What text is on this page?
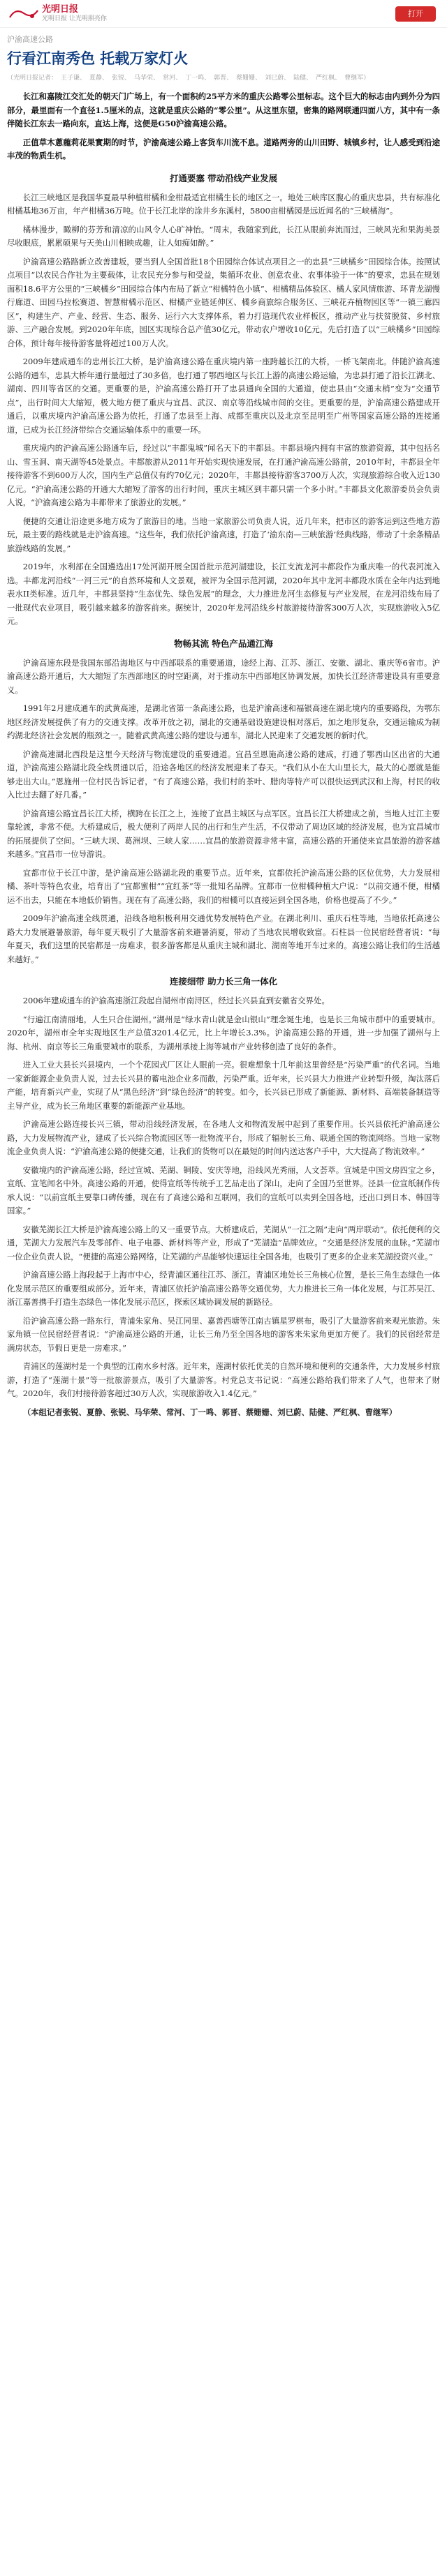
光明日报
光明日报 让光明照亮你
打开
沪渝高速公路
行看江南秀色 托载万家灯火
（光明日报记者： 王子谦、 夏静、 张锐、 马华荣、 常河、 丁一鸣、 郭晋、 蔡姗姗、 刘巳蔚、 陆健、 严红枫、 曹继军）

长江和嘉陵江交汇处的朝天门广场上，有一个面积约25平方米的重庆公路零公里标志。这个巨大的标志由内到外分为四部分，最里面有一个直径1.5厘米的点，这就是重庆公路的“零公里”。从这里东望，密集的路网联通四面八方，其中有一条伴随长江东去一路向东，直达上海，这便是G50沪渝高速公路。

正值草木蔥蘢莉花果實期的时节，沪渝高速公路上客货车川流不息。道路两旁的山川田野、城镇乡村，让人感受到沿途丰茂的物质生机。

打通要塞 带动沿线产业发展

长江三峡地区是我国华夏最早种植柑橘和金柑最适宜柑橘生长的地区之一。地处三峡库区腹心的重庆忠县，共有标准化柑橘基地36万亩，年产柑橘36万吨。位于长江北岸的涂井乡东溪村，5800亩柑橘园是远近闻名的“三峡橘海”。

橘林漫步，瞰柳的芬芳和清凉的山风令人心旷神怡。“周末，我随家到此，长江从眼前奔流而过，三峡风光和果海美景尽收眼底，累累硕果与天美山川相映成趣，让人如痴如醉。”

沪渝高速公路路新立改善建坂，要当到人全国首批18个田园综合体试点项目之一的忠县“三峡橘乡”田园综合体。按照试点项目“以农民合作社为主要载体，让农民充分参与和受益，集循环农业、创意农业、农事体验于一体”的要求，忠县在规划面积18.6平方公里的“三峡橘乡”田园综合体内布局了新立“柑橘特色小镇”、柑橘精品体验区、橘人家风情旅游、环青龙湖慢行廊道、田园马拉松赛道、智慧柑橘示范区、柑橘产业链延伸区、橘乡商旅综合服务区、三峡花卉植物园区等“一镇三廊四区”，构建生产、产业、经营、生态、服务、运行六大支撑体系，着力打造现代农业样板区，推动产业与扶贫脱贫、乡村旅游、三产融合发展。到2020年年底，园区实现综合总产值30亿元，带动农户增收10亿元，先后打造了以“三峡橘乡”田园综合体，预计每年接待游客量将超过100万人次。

2009年建成通车的忠州长江大桥，是沪渝高速公路在重庆境内第一座跨越长江的大桥，一桥飞架南北。伴随沪渝高速公路的通车，忠县大桥年通行量超过了30多倍，也打通了鄂西地区与长江上游的高速公路运输，为忠县打通了沿长江湖北、湖南、四川等省区的交通。更重要的是，沪渝高速公路打开了忠县通向全国的大通道，使忠县由“交通末梢”变为“交通节点”，出行时间大大缩短，极大地方便了重庆与宜昌、武汉、南京等沿线城市间的交往。更重要的是，沪渝高速公路建成开通后，以重庆境内沪渝高速公路为依托，打通了忠县至上海、成都至重庆以及北京至昆明至广州等国家高速公路的连接通道，已成为长江经济带综合交通运输体系中的重要一环。

重庆境内的沪渝高速公路通车后，经过以“丰都鬼城”闻名天下的丰都县。丰都县境内拥有丰富的旅游资源，其中包括名山、雪玉洞、南天湖等45处景点。丰都旅游从2011年开始实现快速发展，在打通沪渝高速公路前，2010年时，丰都县全年接待游客不到600万人次，国内生产总值仅有约70亿元；2020年，丰都县接待游客3700万人次，实现旅游综合收入近130亿元。“沪渝高速公路的开通大大缩短了游客的出行时间，重庆主城区到丰都只需一个多小时。”丰都县文化旅游委员会负责人说，“沪渝高速公路为丰都带来了旅游业的发展。”

便捷的交通让沿途更多地方成为了旅游目的地。当地一家旅游公司负责人说，近几年来，把市区的游客运到这些地方游玩，最主要的路线就是走沪渝高速。“这些年，我们依托沪渝高速，打造了‘渝东南—三峡旅游’经典线路，带动了十余条精品旅游线路的发展。”

2019年，水利部在全国遴选出17处河湖开展全国首批示范河湖建设，长江支流龙河丰都段作为重庆唯一的代表河流入选。丰都龙河沿线“一河三元”的自然环境和人文景观，被评为全国示范河湖，2020年其中龙河丰都段水质在全年内达到地表水II类标准。近几年，丰都县坚持“生态优先、绿色发展”的理念，大力推进龙河生态修复与产业发展，在龙河沿线布局了一批现代农业项目，吸引越来越多的游客前来。据统计，2020年龙河沿线乡村旅游接待游客300万人次，实现旅游收入5亿元。

物畅其流 特色产品通江海

沪渝高速东段是我国东部沿海地区与中西部联系的重要通道，途经上海、江苏、浙江、安徽、湖北、重庆等6省市。沪渝高速公路开通后，大大缩短了东西部地区的时空距离，对于推动东中西部地区协调发展，加快长江经济带建设具有重要意义。

1991年2月建成通车的武黄高速，是湖北省第一条高速公路，也是沪渝高速和福银高速在湖北境内的重要路段，为鄂东地区经济发展提供了有力的交通支撑。改革开放之初，湖北的交通基础设施建设相对落后，加之地形复杂，交通运输成为制约湖北经济社会发展的瓶颈之一。随着武黄高速公路的建设与通车，湖北人民迎来了交通发展的新时代。

沪渝高速湖北西段是这里今天经济与物流建设的重要通道。宜昌至恩施高速公路的建成，打通了鄂西山区出省的大通道，沪渝高速公路湖北段全线贯通以后，沿途各地区的经济发展迎来了春天。“我们从小在大山里长大，最大的心愿就是能够走出大山。”恩施州一位村民告诉记者，“有了高速公路，我们村的茶叶、腊肉等特产可以很快运到武汉和上海，村民的收入比过去翻了好几番。”

沪渝高速公路宜昌长江大桥，横跨在长江之上，连接了宜昌主城区与点军区。宜昌长江大桥建成之前，当地人过江主要靠轮渡，非常不便。大桥建成后，极大便利了两岸人民的出行和生产生活，不仅带动了周边区域的经济发展，也为宜昌城市的拓展提供了空间。“三峡大坝、葛洲坝、三峡人家……宜昌的旅游资源非常丰富，高速公路的开通使来宜昌旅游的游客越来越多。”宜昌市一位导游说。

宜都市位于长江中游，是沪渝高速公路湖北段的重要节点。近年来，宜都依托沪渝高速公路的区位优势，大力发展柑橘、茶叶等特色农业，培育出了“宜都蜜柑”“宜红茶”等一批知名品牌。宜都市一位柑橘种植大户说：“以前交通不便，柑橘运不出去，只能在本地低价销售。现在有了高速公路，我们的柑橘可以直接运到全国各地，价格也提高了不少。”

2009年沪渝高速全线贯通，沿线各地积极利用交通优势发展特色产业。在湖北利川、重庆石柱等地，当地依托高速公路大力发展避暑旅游，每年夏天吸引了大量游客前来避暑消夏，带动了当地农民增收致富。石柱县一位民宿经营者说：“每年夏天，我们这里的民宿都是一房难求，很多游客都是从重庆主城和湖北、湖南等地开车过来的。高速公路让我们的生活越来越好。”

连接细带 助力长三角一体化

2006年建成通车的沪渝高速浙江段起自湖州市南浔区，经过长兴县直到安徽省交界处。

“行遍江南清丽地，人生只合住湖州。”湖州是“绿水青山就是金山银山”理念诞生地，也是长三角城市群中的重要城市。2020年，湖州市全年实现地区生产总值3201.4亿元，比上年增长3.3%。沪渝高速公路的开通，进一步加强了湖州与上海、杭州、南京等长三角重要城市的联系，为湖州承接上海等城市产业转移创造了良好的条件。

进入工业大县长兴县境内，一个个花园式厂区让人眼前一亮。很难想象十几年前这里曾经是“污染严重”的代名词。当地一家新能源企业负责人说，过去长兴县的蓄电池企业多而散，污染严重。近年来，长兴县大力推进产业转型升级，淘汰落后产能，培育新兴产业，实现了从“黑色经济”到“绿色经济”的转变。如今，长兴县已形成了新能源、新材料、高端装备制造等主导产业，成为长三角地区重要的新能源产业基地。

沪渝高速公路连接长兴三镇，带动沿线经济发展，在各地人文和物流发展中起到了重要作用。长兴县依托沪渝高速公路，大力发展物流产业，建成了长兴综合物流园区等一批物流平台，形成了辐射长三角、联通全国的物流网络。当地一家物流企业负责人说：“沪渝高速公路的便捷交通，让我们的货物可以在最短的时间内送达客户手中，大大提高了物流效率。”

安徽境内的沪渝高速公路，经过宣城、芜湖、铜陵、安庆等地，沿线风光秀丽，人文荟萃。宣城是中国文房四宝之乡，宣纸、宣笔闻名中外。高速公路的开通，使得宣纸等传统手工艺品走出了深山，走向了全国乃至世界。泾县一位宣纸制作传承人说：“以前宣纸主要靠口碑传播，现在有了高速公路和互联网，我们的宣纸可以卖到全国各地，还出口到日本、韩国等国家。”

安徽芜湖长江大桥是沪渝高速公路上的又一重要节点。大桥建成后，芜湖从“一江之隔”走向“两岸联动”。依托便利的交通，芜湖大力发展汽车及零部件、电子电器、新材料等产业，形成了“芜湖造”品牌效应。“交通是经济发展的血脉。”芜湖市一位企业负责人说，“便捷的高速公路网络，让芜湖的产品能够快速运往全国各地，也吸引了更多的企业来芜湖投资兴业。”

沪渝高速公路上海段起于上海市中心，经青浦区通往江苏、浙江。青浦区地处长三角核心位置，是长三角生态绿色一体化发展示范区的重要组成部分。近年来，青浦区依托沪渝高速公路等交通优势，大力推进长三角一体化发展，与江苏吴江、浙江嘉善携手打造生态绿色一体化发展示范区，探索区域协调发展的新路径。

沿沪渝高速公路一路东行，青浦朱家角、吴江同里、嘉善西塘等江南古镇星罗棋布，吸引了大量游客前来观光旅游。朱家角镇一位民宿经营者说：“沪渝高速公路的开通，让长三角乃至全国各地的游客来朱家角更加方便了。我们的民宿经常是满房状态，节假日更是一房难求。”

青浦区的莲湖村是一个典型的江南水乡村落。近年来，莲湖村依托优美的自然环境和便利的交通条件，大力发展乡村旅游，打造了“莲湖十景”等一批旅游景点，吸引了大量游客。村党总支书记说：“高速公路给我们带来了人气，也带来了财气。2020年，我们村接待游客超过30万人次，实现旅游收入1.4亿元。”

（本组记者张锐、夏静、张锐、马华荣、常河、丁一鸣、郭晋、蔡姗姗、刘巳蔚、陆健、严红枫、曹继军）
